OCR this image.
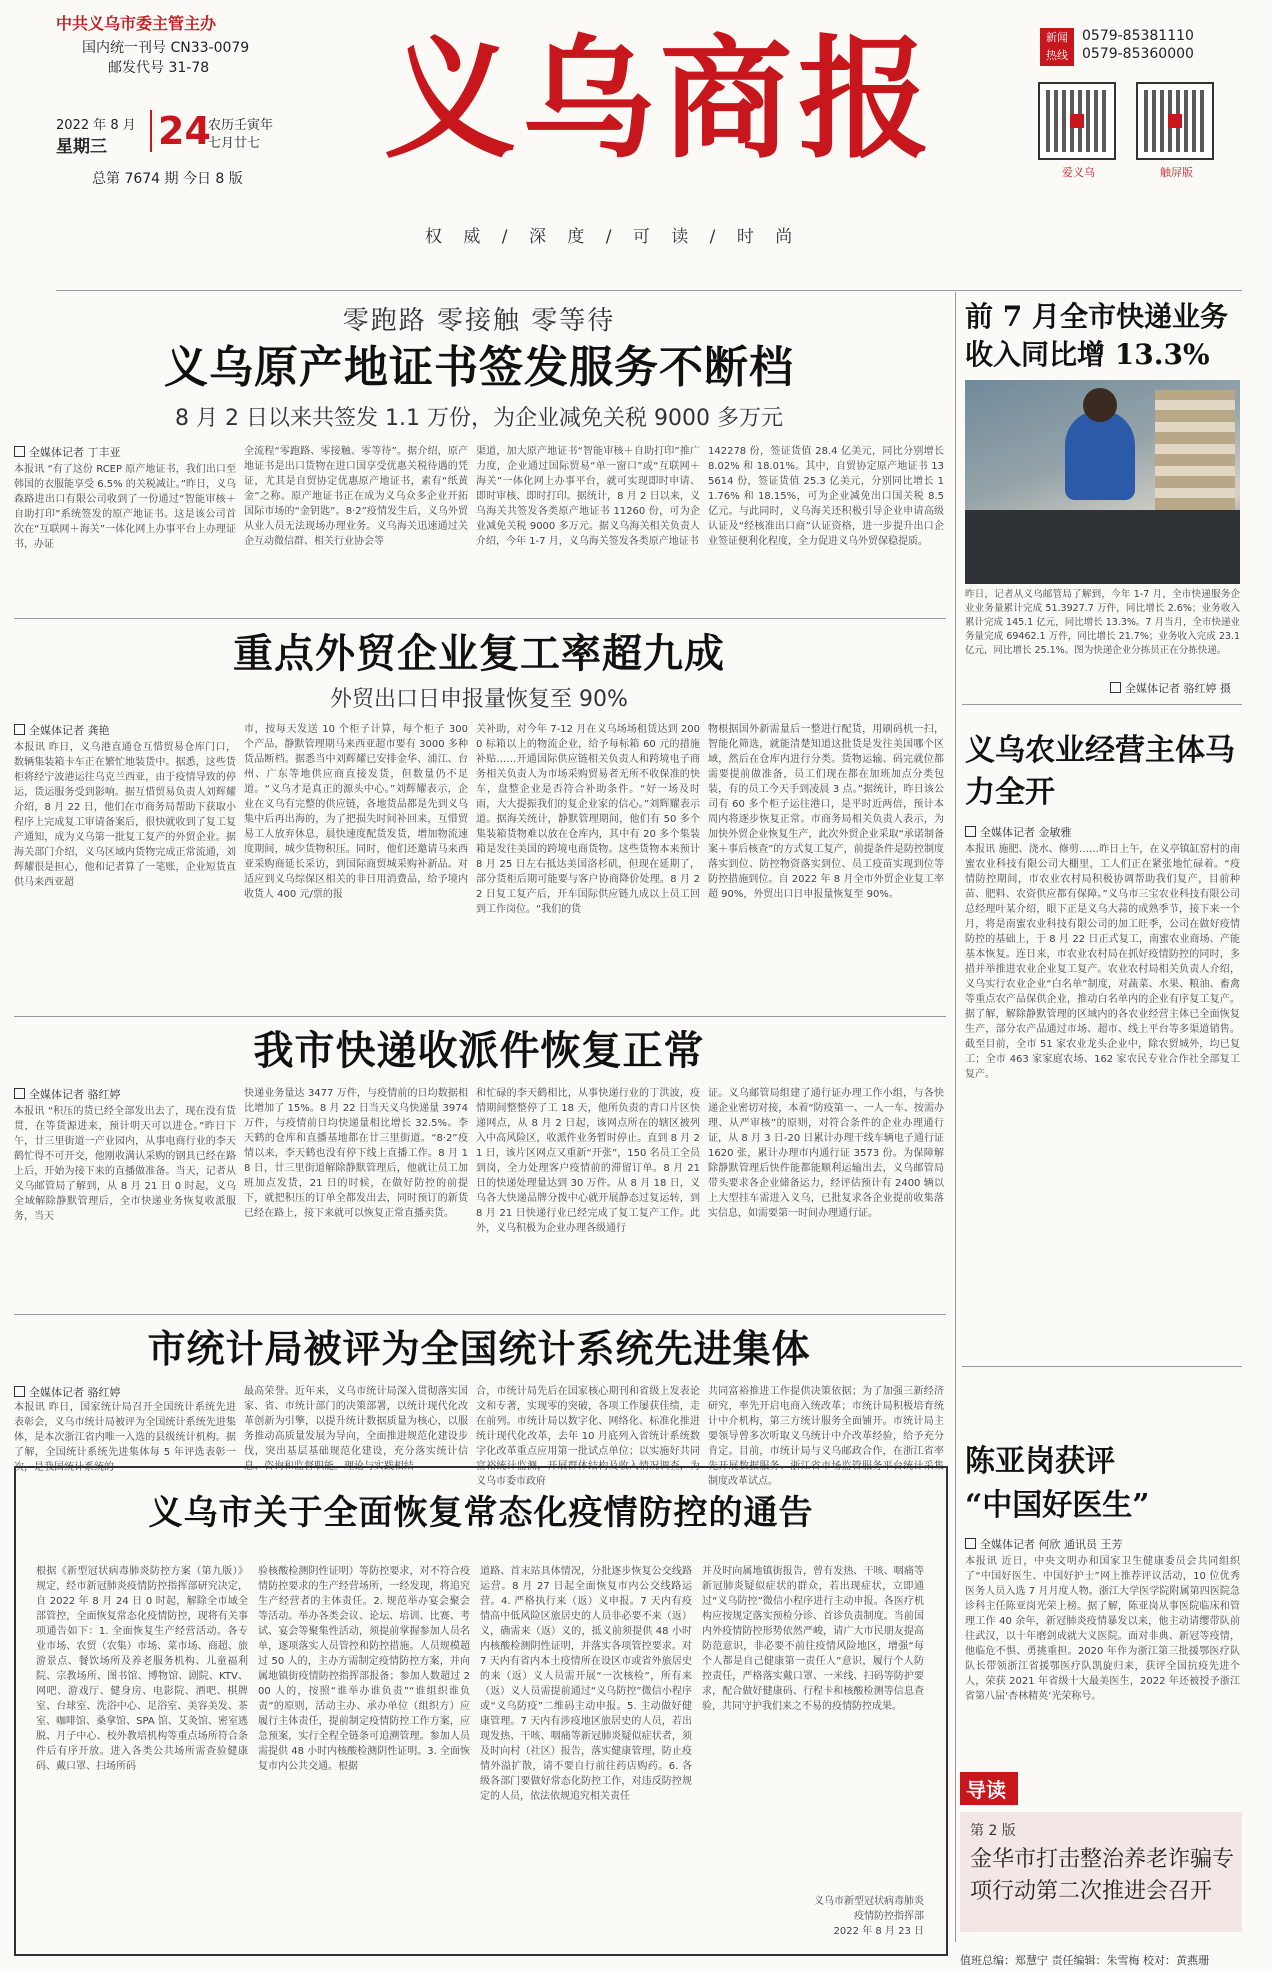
中共义乌市委主管主办
国内统一刊号 CN33-0079
邮发代号 31-78
2022 年 8 月
星期三 24
农历壬寅年
七月廿七
总第 7674 期 今日 8 版
义乌商报
权 威 / 深 度 / 可 读 / 时 尚
新闻 热线
0579-85381110
0579-85360000
爱义乌	触屏版
零跑路 零接触 零等待
义乌原产地证书签发服务不断档
8 月 2 日以来共签发 1.1 万份，为企业减免关税 9000 多万元
全媒体记者 丁丰亚
本报讯 “有了这份 RCEP 原产地证书，我们出口至韩国的衣服能享受 6.5% 的关税减让。”昨日，义乌森路进出口有限公司收到了一份通过“智能审核＋自助打印”系统签发的原产地证书。这是该公司首次在“互联网＋海关”一体化网上办事平台上办理证书，办证
全流程“零跑路、零接触、零等待”。据介绍，原产地证书是出口货物在进口国享受优惠关税待遇的凭证，尤其是自贸协定优惠原产地证书，素有“纸黄金”之称。原产地证书正在成为义乌众多企业开拓国际市场的“金钥匙”。8·2”疫情发生后，义乌外贸从业人员无法现场办理业务。义乌海关迅速通过关企互动微信群、相关行业协会等
渠道，加大原产地证书“智能审核＋自助打印”推广力度，企业通过国际贸易“单一窗口”或“互联网＋海关”一体化网上办事平台，就可实现即时申请、即时审核、即时打印。据统计，8 月 2 日以来，义乌海关共签发各类原产地证书 11260 份，可为企业减免关税 9000 多万元。据义乌海关相关负责人介绍，今年 1-7 月，义乌海关签发各类原产地证书
142278 份，签证货值 28.4 亿美元，同比分别增长 8.02% 和 18.01%。其中，自贸协定原产地证书 135614 份，签证货值 25.3 亿美元，分别同比增长 11.76% 和 18.15%，可为企业减免出口国关税 8.5 亿元。与此同时，义乌海关还积极引导企业申请高级认证及“经核准出口商”认证资格，进一步提升出口企业签证便利化程度，全力促进义乌外贸保稳提质。
重点外贸企业复工率超九成
外贸出口日申报量恢复至 90%
全媒体记者 龚艳
本报讯 昨日，义乌港直通仓互惜贸易仓库门口，数辆集装箱卡车正在繁忙地装货中。据悉，这些货柜将经宁波港运往乌克兰西亚，由于疫情导致的停运，货运服务受到影响。据互惜贸易负责人刘辉耀介绍，8 月 22 日，他们在市商务局帮助下获取小程序上完成复工审请备案后，很快就收到了复工复产通知，成为义乌第一批复工复产的外贸企业。据海关部门介绍，义乌区域内货物完成正常流通，刘辉耀很是担心，他和记者算了一笔账，企业短货直供马来西亚超
市，按每天发送 10 个柜子计算，每个柜子 300 个产品，静默管理期马来西亚超市要有 3000 多种货品断档。据悉当中刘辉耀已安排金华、浦江、台州、广东等地供应商直接发货，但数量仍不足道。“义乌才是真正的源头中心。”刘辉耀表示，企业在义乌有完整的供应链，各地货品都是先到义乌集中后再出海的，为了把损失时间补回来，互惜贸易工人放弃休息，晨快速度配货发货，增加物流速度期间，城少货物积压。同时，他们还邀请马来西亚采购商延长采访，到国际商贸城采购补新品。对适应到义乌综保区相关的非日用消费品，给予境内收货人 400 元/票的报
关补助，对今年 7-12 月在义乌场场租赁达到 2000 标箱以上的物流企业，给予每标箱 60 元的措施补贴……开通国际供应链相关负责人和跨境电子商务相关负责人为市场采购贸易者无所不收保准的快车，盘整企业是否符合补助条件。“好一场及时雨，大大提振我们的复企业家的信心。”刘辉耀表示道。据海关统计，静默管理期间，他们有 50 多个集装箱货物难以放在仓库内，其中有 20 多个集装箱是发往美国的跨境电商货物。这些货物本来预计 8 月 25 日左右抵达美国洛杉矶，但现在延期了，部分货柜后期可能要与客户协商降价处理。8 月 22 日复工复产后，开车国际供应链九成以上员工回到工作岗位。“我们的货
物根据国外新需量后一整进行配货，用刷码机一扫，智能化筛选，就能清楚知道这批货是发往美国哪个区域，然后在仓库内进行分类。货物运输、码完就位都需要提前做准备，员工们现在都在加班加点分类包装，有的员工今天手到凌晨 3 点。”据统计，昨日该公司有 60 多个柜子运往港口，是平时近两倍，预计本周内将逐步恢复正常。市商务局相关负责人表示，为加快外贸企业恢复生产，此次外贸企业采取“承诺制备案＋事后核查”的方式复工复产，前提条件是防控制度落实到位、防控物资落实到位、员工疫苗实现到位等防控措施到位。自 2022 年 8 月全市外贸企业复工率超 90%，外贸出口日申报量恢复至 90%。
我市快递收派件恢复正常
全媒体记者 骆红婷
本报讯 “积压的货已经全部发出去了，现在没有货贯，在等货源进来，预计明天可以进仓。”昨日下午，廿三里街道一产业园内，从事电商行业的李天鹤忙得不可开交，他刚收满认采购的钢具已经在路上后，开始为接下来的直播做准备。当天，记者从义乌邮管局了解到，从 8 月 21 日 0 时起，义乌全域解除静默管理后，全市快递业务恢复收派服务，当天
快递业务量达 3477 万件，与疫情前的日均数据相比增加了 15%。8 月 22 日当天义乌快递量 3974 万件，与疫情前日均快递量相比增长 32.5%。李天鹤的仓库和直播基地都在廿三里街道。“8·2”疫情以来，李天鹤也没有停下线上直播工作。8 月 18 日，廿三里街道解除静默管理后，他就让员工加班加点发货，21 日的时候，在做好防控的前提下，就把积压的订单全都发出去，同时预订的新货已经在路上，接下来就可以恢复正常直播卖货。
和忙碌的李天鹤相比，从事快递行业的丁洪波，疫情期间整整停了工 18 天，他所负责的青口片区快递网点，从 8 月 2 日起，该网点所在的辖区被列入中高风险区，收派件业务暂时停止。直到 8 月 21 日，该片区网点又重新“开张”，150 名员工全员到岗，全力处理客户疫情前的滞留订单。8 月 21 日的快递处理量达到 30 万件。从 8 月 18 日，义乌各大快递品牌分拨中心就开展静态过复运转，到 8 月 21 日快递行业已经完成了复工复产工作。此外，义乌积极为企业办理各级通行
证。义乌邮管局组建了通行证办理工作小组，与各快递企业密切对接，本着“防疫第一、一人一车、按需办理、从严审核”的原则，对符合条件的企业办理通行证，从 8 月 3 日-20 日累计办理干线车辆电子通行证 1620 张，累计办理市内通行证 3573 份。为保障解除静默管理后快件能都能顺利运输出去，义乌邮管局带头要求各企业储备运力，经评估预计有 2400 辆以上大型挂车需进入义乌，已批复求各企业提前收集落实信息，如需要第一时间办理通行证。
市统计局被评为全国统计系统先进集体
全媒体记者 骆红婷
本报讯 昨日，国家统计局召开全国统计系统先进表彰会，义乌市统计局被评为全国统计系统先进集体，是本次浙江省内唯一入选的县级统计机构。据了解，全国统计系统先进集体每 5 年评选表彰一次，是我国统计系统的
最高荣誉。近年来，义乌市统计局深入贯彻落实国家、省、市统计部门的决策部署，以统计现代化改革创新为引擎，以提升统计数据质量为核心，以服务推动高质量发展为导向，全面推进规范化建设步伐，突出基层基础规范化建设，充分落实统计信息、咨询和监督职能。理论与实践相结
合，市统计局先后在国家核心期刊和省级上发表论文和专著，实现零的突破，各项工作屡获佳绩，走在前列。市统计局以数字化、网络化、标准化推进统计现代化改革，去年 10 月底列入省统计系统数字化改革重点应用第一批试点单位；以实施好共同富裕统计监测，开展群体结构及收入情况调查，为义乌市委市政府
共同富裕推进工作提供决策依据；为了加强三新经济研究，率先开启电商入统改革；市统计局积极培育统计中介机构，第三方统计服务全面铺开。市统计局主要领导曾多次听取义乌统计中介改革经验，给予充分肯定。目前，市统计局与义乌邮政合作，在浙江省率先开展数据服务、浙江省市场监管服务平台统计采集制度改革试点。
义乌市关于全面恢复常态化疫情防控的通告
根据《新型冠状病毒肺炎防控方案（第九版）》规定，经市新冠肺炎疫情防控指挥部研究决定，自 2022 年 8 月 24 日 0 时起，解除全市域全部管控，全面恢复常态化疫情防控，现将有关事项通告如下：1. 全面恢复生产经营活动。各专业市场、农贸（农集）市场、菜市场、商超、旅游景点、餐饮场所及养老服务机构、儿童福利院、宗教场所、图书馆、博物馆、剧院、KTV、网吧、游戏厅、健身房、电影院、酒吧、棋牌室、台球室、洗浴中心、足浴室、美容美发、茶室、咖啡馆、桑拿馆、SPA 馆、艾灸馆、密室逃脱、月子中心、校外教培机构等重点场所符合条件后有序开放。进入各类公共场所需查验健康码、戴口罩、扫场所码
验核酸检测阴性证明）等防控要求，对不符合疫情防控要求的生产经营场所，一经发现，将追究生产经营者的主体责任。2. 规范举办宴会聚会等活动。举办各类会议、论坛、培训、比赛、考试、宴会等聚集性活动，须提前掌握参加人员名单，逐项落实人员管控和防控措施。人员规模超过 50 人的，主办方需制定疫情防控方案，并向属地镇街疫情防控指挥部报备；参加人数超过 200 人的，按照“谁举办谁负责”“谁组织谁负责”的原则，活动主办、承办单位（组织方）应履行主体责任，提前制定疫情防控工作方案，应急预案，实行全程全链条可追溯管理。参加人员需提供 48 小时内核酸检测阴性证明。3. 全面恢复市内公共交通。根据
道路、首末站具体情况，分批逐步恢复公交线路运营。8 月 27 日起全面恢复市内公交线路运营。4. 严格执行来（返）义申报。7 天内有疫情高中低风险区旅居史的人员非必要不来（返）义，确需来（返）义的，抵义前须提供 48 小时内核酸检测阴性证明，并落实各项管控要求。对 7 天内有省内本土疫情所在设区市或省外旅居史的来（返）义人员需开展“一次核检”，所有来（返）义人员需提前通过“义乌防控”微信小程序或“义乌防疫”二维码主动申报。5. 主动做好健康管理。7 天内有涉疫地区旅居史的人员，若出现发热、干咳、咽痛等新冠肺炎疑似症状者，须及时向村（社区）报告，落实健康管理，防止疫情外溢扩散，请不要自行前往药店购药。6. 各级各部门要做好常态化防控工作，对违反防控规定的人员，依法依规追究相关责任
并及时向属地镇街报告，曾有发热、干咳、咽痛等新冠肺炎疑似症状的群众，若出现症状，立即通过“义乌防控”微信小程序进行主动申报。各医疗机构应按规定落实预检分诊、首诊负责制度。当前国内外疫情防控形势依然严峻，请广大市民朋友提高防范意识，非必要不前往疫情风险地区，增强“每个人都是自己健康第一责任人”意识，履行个人防控责任，严格落实戴口罩、一米线、扫码等防护要求，配合做好健康码、行程卡和核酸检测等信息查验，共同守护我们来之不易的疫情防控成果。
义乌市新型冠状病毒肺炎
疫情防控指挥部
2022 年 8 月 23 日
前 7 月全市快递业务收入同比增 13.3%
昨日，记者从义乌邮管局了解到，今年 1-7 月，全市快递服务企业业务量累计完成 51.3927.7 万件，同比增长 2.6%；业务收入累计完成 145.1 亿元，同比增长 13.3%。7 月当月，全市快递业务量完成 69462.1 万件，同比增长 21.7%；业务收入完成 23.1 亿元，同比增长 25.1%。图为快递企业分拣员正在分拣快递。
全媒体记者 骆红婷 摄
义乌农业经营主体马力全开
全媒体记者 金敏雅
本报讯 施肥、浇水、修剪……昨日上午，在义亭镇缸窑村的南蜜农业科技有限公司大棚里，工人们正在紧张地忙碌着。“疫情防控期间，市农业农村局积极协调帮助我们复产，目前种苗、肥料、农资供应都有保障。”义乌市三宝农业科技有限公司总经理叶某介绍，眼下正是义乌大蒜的成熟季节，接下来一个月，将是南蜜农业科技有限公司的加工旺季，公司在做好疫情防控的基础上，于 8 月 22 日正式复工，南蜜农业商场、产能基本恢复。连日来，市农业农村局在抓好疫情防控的同时，多措并举推进农业企业复工复产。农业农村局相关负责人介绍，义乌实行农业企业“白名单”制度，对蔬菜、水果、粮油、畜禽等重点农产品保供企业，推动白名单内的企业有序复工复产。据了解，解除静默管理的区域内的各农业经营主体已全面恢复生产，部分农产品通过市场、超市、线上平台等多渠道销售。截至目前，全市 51 家农业龙头企业中，除农贸城外，均已复工；全市 463 家家庭农场、162 家农民专业合作社全部复工复产。
陈亚岗获评
“中国好医生”
全媒体记者 何欣 通讯员 王芳
本报讯 近日，中央文明办和国家卫生健康委员会共同组织了“中国好医生、中国好护士”网上推荐评议活动，10 位优秀医务人员入选 7 月月度人物。浙江大学医学院附属第四医院急诊科主任陈亚岗光荣上榜。据了解，陈亚岗从事医院临床和管理工作 40 余年，新冠肺炎疫情暴发以来，他主动请缨带队前往武汉，以十年磨剑成就大义医院。面对非典、新冠等疫情，他临危不惧、勇挑重担。2020 年作为浙江第三批援鄂医疗队队长带领浙江省援鄂医疗队凯旋归来，获评全国抗疫先进个人，荣获 2021 年省级十大最美医生，2022 年还被授予浙江省第八届‘杏林精英’光荣称号。
导读
第 2 版
金华市打击整治养老诈骗专项行动第二次推进会召开
值班总编：郑慧宁 责任编辑：朱雪梅 校对：黄燕珊
